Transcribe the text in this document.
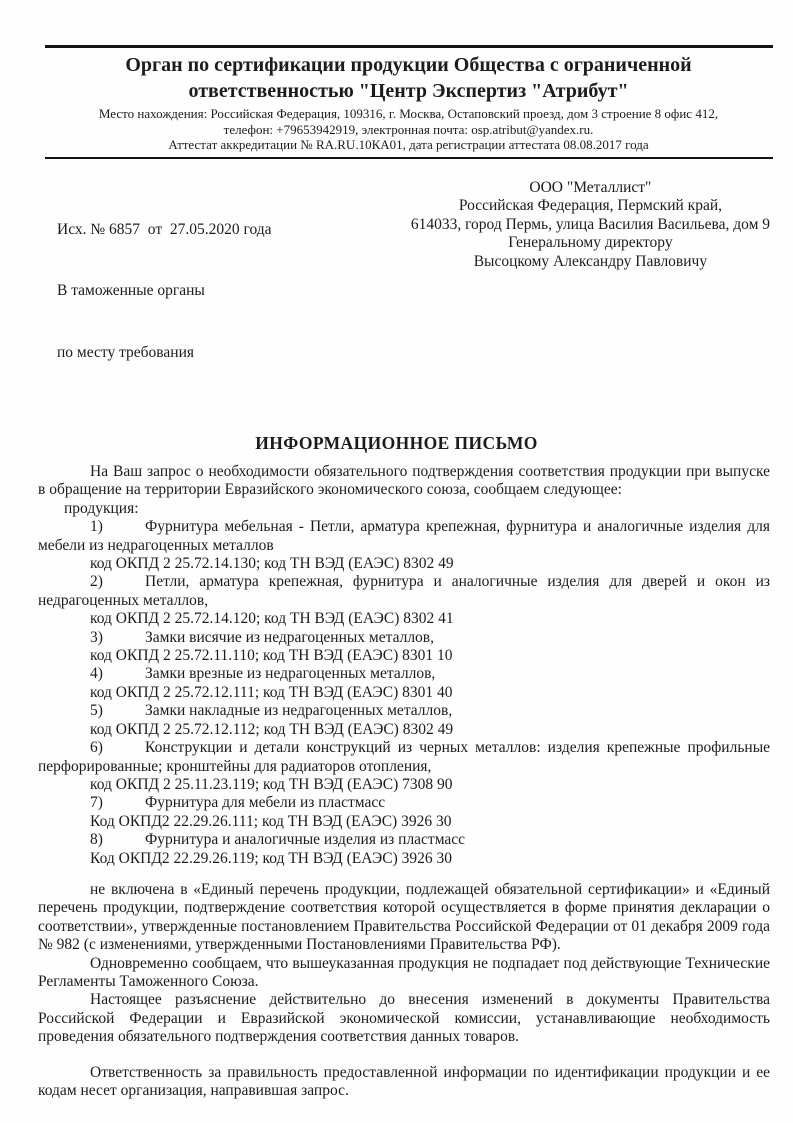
Орган по сертификации продукции Общества с ограниченной ответственностью "Центр Экспертиз "Атрибут"
Место нахождения: Российская Федерация, 109316, г. Москва, Остаповский проезд, дом 3 строение 8 офис 412,
телефон: +79653942919, электронная почта: osp.atribut@yandex.ru.
Аттестат аккредитации № RA.RU.10КА01, дата регистрации аттестата 08.08.2017 года

Исх. № 6857  от  27.05.2020 года

В таможенные органы

по месту требования

ООО "Металлист"
Российская Федерация, Пермский край,
614033, город Пермь, улица Василия Васильева, дом 9
Генеральному директору
Высоцкому Александру Павловичу
ИНФОРМАЦИОННОЕ ПИСЬМО

На Ваш запрос о необходимости обязательного подтверждения соответствия продукции при выпуске в обращение на территории Евразийского экономического союза, сообщаем следующее:

продукция:

1)	Фурнитура мебельная - Петли, арматура крепежная, фурнитура и аналогичные изделия для мебели из недрагоценных металлов

код ОКПД 2 25.72.14.130; код ТН ВЭД (ЕАЭС) 8302 49

2)	Петли, арматура крепежная, фурнитура и аналогичные изделия для дверей и окон из недрагоценных металлов,

код ОКПД 2 25.72.14.120; код ТН ВЭД (ЕАЭС) 8302 41

3)	Замки висячие из недрагоценных металлов,

код ОКПД 2 25.72.11.110; код ТН ВЭД (ЕАЭС) 8301 10

4)	Замки врезные из недрагоценных металлов,

код ОКПД 2 25.72.12.111; код ТН ВЭД (ЕАЭС) 8301 40

5)	Замки накладные из недрагоценных металлов,

код ОКПД 2 25.72.12.112; код ТН ВЭД (ЕАЭС) 8302 49

6)	Конструкции и детали конструкций из черных металлов: изделия крепежные профильные перфорированные; кронштейны для радиаторов отопления,

код ОКПД 2 25.11.23.119; код ТН ВЭД (ЕАЭС) 7308 90

7)	Фурнитура для мебели из пластмасс

Код ОКПД2 22.29.26.111; код ТН ВЭД (ЕАЭС) 3926 30

8)	Фурнитура и аналогичные изделия из пластмасс

Код ОКПД2 22.29.26.119; код ТН ВЭД (ЕАЭС) 3926 30

не включена в «Единый перечень продукции, подлежащей обязательной сертификации» и «Единый перечень продукции, подтверждение соответствия которой осуществляется в форме принятия декларации о соответствии», утвержденные постановлением Правительства Российской Федерации от 01 декабря 2009 года № 982 (с изменениями, утвержденными Постановлениями Правительства РФ).

Одновременно сообщаем, что вышеуказанная продукция не подпадает под действующие Технические Регламенты Таможенного Союза.

Настоящее разъяснение действительно до внесения изменений в документы Правительства Российской Федерации и Евразийской экономической комиссии, устанавливающие необходимость проведения обязательного подтверждения соответствия данных товаров.

Ответственность за правильность предоставленной информации по идентификации продукции и ее кодам несет организация, направившая запрос.
